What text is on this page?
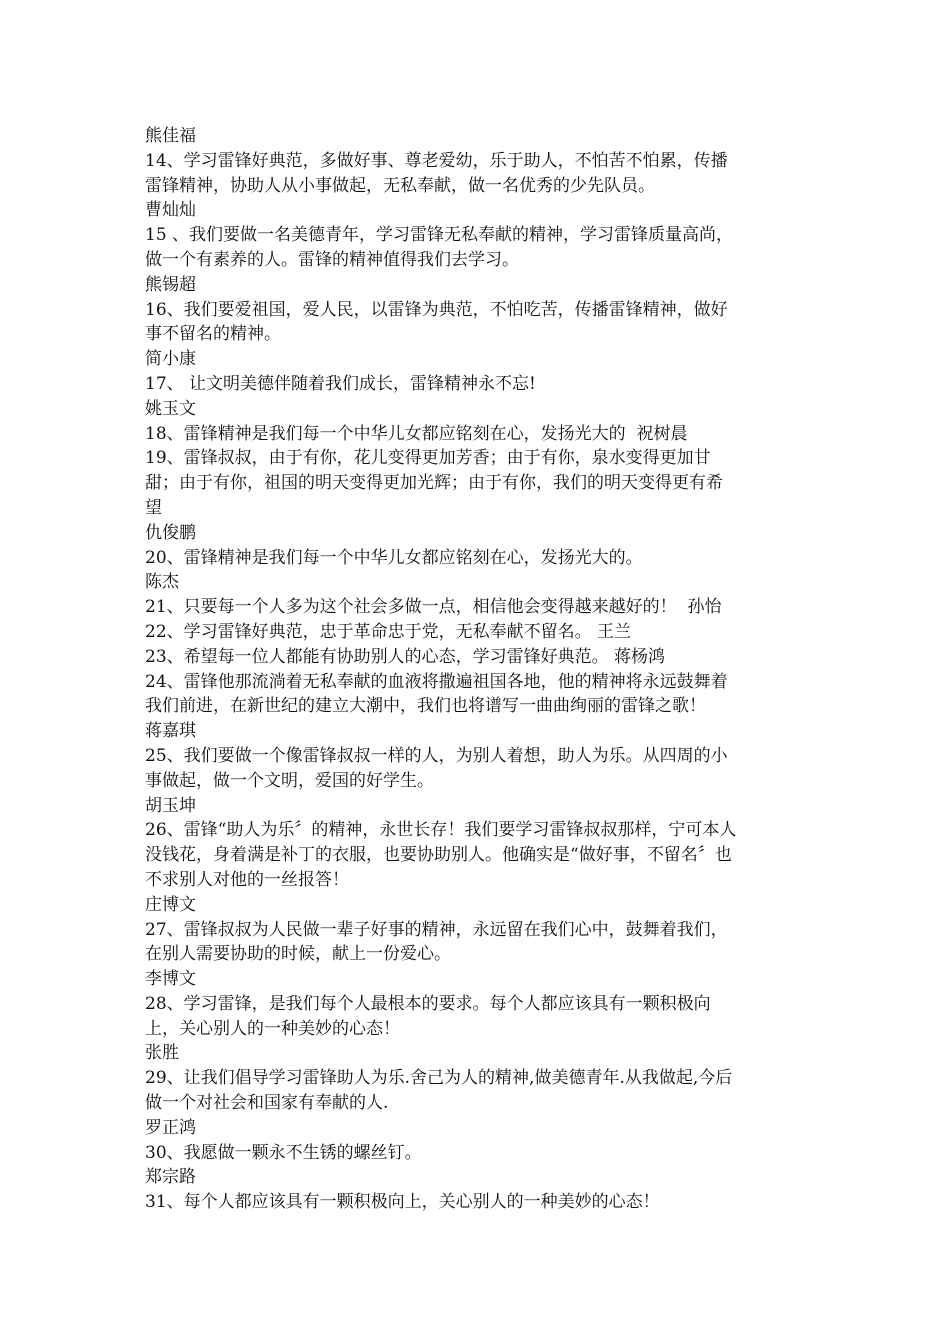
熊佳福
14、学习雷锋好典范，多做好事、尊老爱幼，乐于助人，不怕苦不怕累，传播
雷锋精神，协助人从小事做起，无私奉献，做一名优秀的少先队员。
曹灿灿
15 、我们要做一名美德青年，学习雷锋无私奉献的精神，学习雷锋质量高尚，
做一个有素养的人。雷锋的精神值得我们去学习。
熊锡超
16、我们要爱祖国，爱人民，以雷锋为典范，不怕吃苦，传播雷锋精神，做好
事不留名的精神。
简小康
17、 让文明美德伴随着我们成长，雷锋精神永不忘!
姚玉文
18、雷锋精神是我们每一个中华儿女都应铭刻在心，发扬光大的  祝树晨
19、雷锋叔叔，由于有你，花儿变得更加芳香；由于有你，泉水变得更加甘
甜；由于有你，祖国的明天变得更加光辉；由于有你，我们的明天变得更有希
望
仇俊鹏
20、雷锋精神是我们每一个中华儿女都应铭刻在心，发扬光大的。
陈杰
21、只要每一个人多为这个社会多做一点，相信他会变得越来越好的！  孙怡
22、学习雷锋好典范，忠于革命忠于党，无私奉献不留名。 王兰
23、希望每一位人都能有协助别人的心态，学习雷锋好典范。 蒋杨鸿
24、雷锋他那流淌着无私奉献的血液将撒遍祖国各地，他的精神将永远鼓舞着
我们前进，在新世纪的建立大潮中，我们也将谱写一曲曲绚丽的雷锋之歌！
蒋嘉琪
25、我们要做一个像雷锋叔叔一样的人，为别人着想，助人为乐。从四周的小
事做起，做一个文明，爱国的好学生。
胡玉坤
26、雷锋“助人为乐〞的精神，永世长存！我们要学习雷锋叔叔那样，宁可本人
没钱花，身着满是补丁的衣服，也要协助别人。他确实是“做好事，不留名〞也
不求别人对他的一丝报答！
庄博文
27、雷锋叔叔为人民做一辈子好事的精神，永远留在我们心中，鼓舞着我们，
在别人需要协助的时候，献上一份爱心。
李博文
28、学习雷锋，是我们每个人最根本的要求。每个人都应该具有一颗积极向
上，关心别人的一种美妙的心态！
张胜
29、让我们倡导学习雷锋助人为乐.舍己为人的精神,做美德青年.从我做起,今后
做一个对社会和国家有奉献的人.
罗正鸿
30、我愿做一颗永不生锈的螺丝钉。
郑宗路
31、每个人都应该具有一颗积极向上，关心别人的一种美妙的心态！
